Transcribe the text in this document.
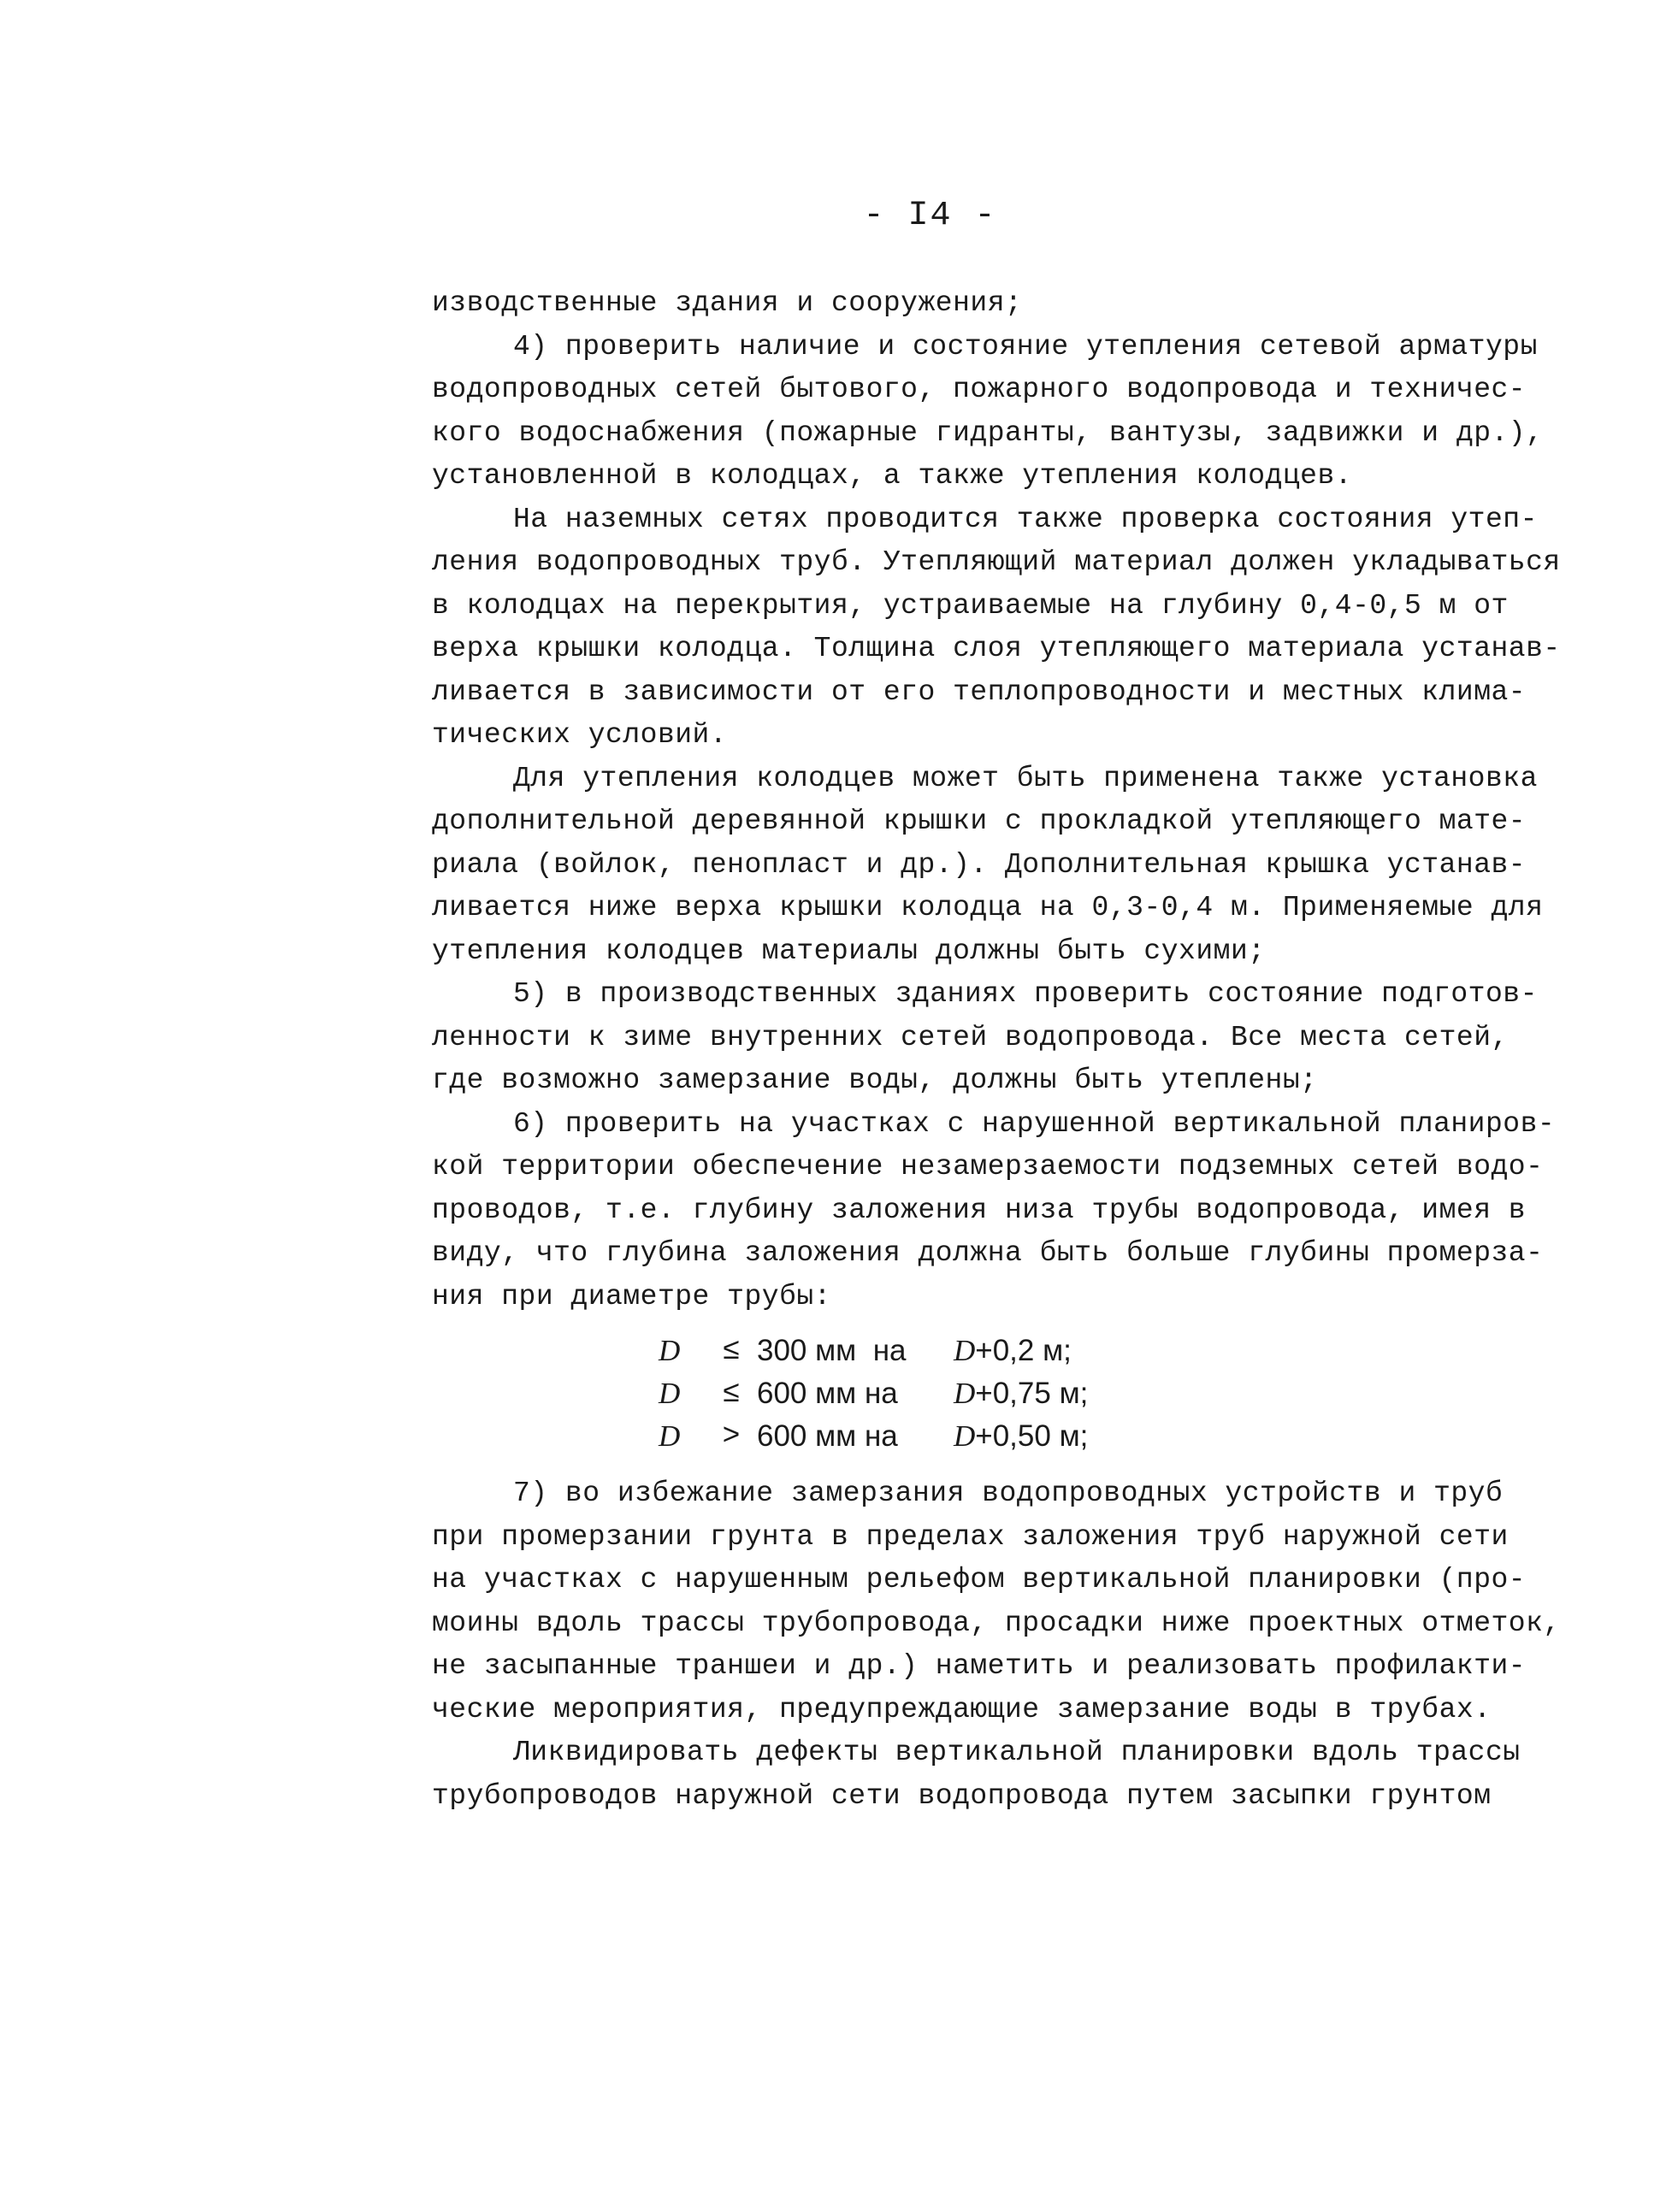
- I4 -
изводственные здания и сооружения;
4) проверить наличие и состояние утепления сетевой арматуры
водопроводных сетей бытового, пожарного водопровода и техничес-
кого водоснабжения (пожарные гидранты, вантузы, задвижки и др.),
установленной в колодцах, а также утепления колодцев.
На наземных сетях проводится также проверка состояния утеп-
ления водопроводных труб. Утепляющий материал должен укладываться
в колодцах на перекрытия, устраиваемые на глубину 0,4-0,5 м от
верха крышки колодца. Толщина слоя утепляющего материала устанав-
ливается в зависимости от его теплопроводности и местных клима-
тических условий.
Для утепления колодцев может быть применена также установка
дополнительной деревянной крышки с прокладкой утепляющего мате-
риала (войлок, пенопласт и др.). Дополнительная крышка устанав-
ливается ниже верха крышки колодца на 0,3-0,4 м. Применяемые для
утепления колодцев материалы должны быть сухими;
5) в производственных зданиях проверить состояние подготов-
ленности к зиме внутренних сетей водопровода. Все места сетей,
где возможно замерзание воды, должны быть утеплены;
6) проверить на участках с нарушенной вертикальной планиров-
кой территории обеспечение незамерзаемости подземных сетей водо-
проводов, т.е. глубину заложения низа трубы водопровода, имея в
виду, что глубина заложения должна быть больше глубины промерза-
ния при диаметре трубы:
D	≤ 300 мм  на	D+0,2 м;
D	≤ 600 мм на	D+0,75 м;
D	> 600 мм на	D+0,50 м;
7) во избежание замерзания водопроводных устройств и труб
при промерзании грунта в пределах заложения труб наружной сети
на участках с нарушенным рельефом вертикальной планировки (про-
моины вдоль трассы трубопровода, просадки ниже проектных отметок,
не засыпанные траншеи и др.) наметить и реализовать профилакти-
ческие мероприятия, предупреждающие замерзание воды в трубах.
Ликвидировать дефекты вертикальной планировки вдоль трассы
трубопроводов наружной сети водопровода путем засыпки грунтом
